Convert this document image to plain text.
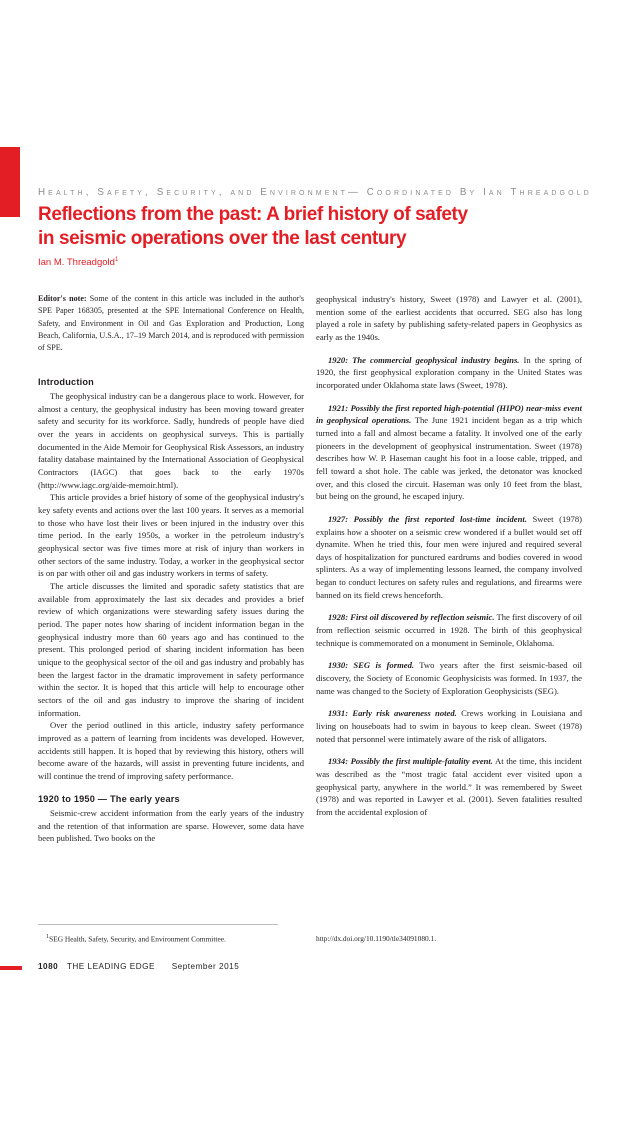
Health, Safety, Security, and Environment— Coordinated By Ian Threadgold
Reflections from the past: A brief history of safety
in seismic operations over the last century
Ian M. Threadgold$^1$

Editor's note: Some of the content in this article was included in the author's SPE Paper 168305, presented at the SPE International Conference on Health, Safety, and Environment in Oil and Gas Exploration and Production, Long Beach, California, U.S.A., 17–19 March 2014, and is reproduced with permission of SPE.

Introduction

The geophysical industry can be a dangerous place to work. However, for almost a century, the geophysical industry has been moving toward greater safety and security for its workforce. Sadly, hundreds of people have died over the years in accidents on geophysical surveys. This is partially documented in the Aide Memoir for Geophysical Risk Assessors, an industry fatality database maintained by the International Association of Geophysical Contractors (IAGC) that goes back to the early 1970s (http://www.iagc.org/aide-memoir.html).

This article provides a brief history of some of the geophysical industry's key safety events and actions over the last 100 years. It serves as a memorial to those who have lost their lives or been injured in the industry over this time period. In the early 1950s, a worker in the petroleum industry's geophysical sector was five times more at risk of injury than workers in other sectors of the same industry. Today, a worker in the geophysical sector is on par with other oil and gas industry workers in terms of safety.

The article discusses the limited and sporadic safety statistics that are available from approximately the last six decades and provides a brief review of which organizations were stewarding safety issues during the period. The paper notes how sharing of incident information began in the geophysical industry more than 60 years ago and has continued to the present. This prolonged period of sharing incident information has been unique to the geophysical sector of the oil and gas industry and probably has been the largest factor in the dramatic improvement in safety performance within the sector. It is hoped that this article will help to encourage other sectors of the oil and gas industry to improve the sharing of incident information.

Over the period outlined in this article, industry safety performance improved as a pattern of learning from incidents was developed. However, accidents still happen. It is hoped that by reviewing this history, others will become aware of the hazards, will assist in preventing future incidents, and will continue the trend of improving safety performance.

1920 to 1950 — The early years

Seismic-crew accident information from the early years of the industry and the retention of that information are sparse. However, some data have been published. Two books on the

geophysical industry's history, Sweet (1978) and Lawyer et al. (2001), mention some of the earliest accidents that occurred. SEG also has long played a role in safety by publishing safety-related papers in Geophysics as early as the 1940s.

1920: The commercial geophysical industry begins. In the spring of 1920, the first geophysical exploration company in the United States was incorporated under Oklahoma state laws (Sweet, 1978).

1921: Possibly the first reported high-potential (HIPO) near-miss event in geophysical operations. The June 1921 incident began as a trip which turned into a fall and almost became a fatality. It involved one of the early pioneers in the development of geophysical instrumentation. Sweet (1978) describes how W. P. Haseman caught his foot in a loose cable, tripped, and fell toward a shot hole. The cable was jerked, the detonator was knocked over, and this closed the circuit. Haseman was only 10 feet from the blast, but being on the ground, he escaped injury.

1927: Possibly the first reported lost-time incident. Sweet (1978) explains how a shooter on a seismic crew wondered if a bullet would set off dynamite. When he tried this, four men were injured and required several days of hospitalization for punctured eardrums and bodies covered in wood splinters. As a way of implementing lessons learned, the company involved began to conduct lectures on safety rules and regulations, and firearms were banned on its field crews henceforth.

1928: First oil discovered by reflection seismic. The first discovery of oil from reflection seismic occurred in 1928. The birth of this geophysical technique is commemorated on a monument in Seminole, Oklahoma.

1930: SEG is formed. Two years after the first seismic-based oil discovery, the Society of Economic Geophysicists was formed. In 1937, the name was changed to the Society of Exploration Geophysicists (SEG).

1931: Early risk awareness noted. Crews working in Louisiana and living on houseboats had to swim in bayous to keep clean. Sweet (1978) noted that personnel were intimately aware of the risk of alligators.

1934: Possibly the first multiple-fatality event. At the time, this incident was described as the “most tragic fatal accident ever visited upon a geophysical party, anywhere in the world.” It was remembered by Sweet (1978) and was reported in Lawyer et al. (2001). Seven fatalities resulted from the accidental explosion of

$^1$SEG Health, Safety, Security, and Environment Committee.	http://dx.doi.org/10.1190/tle34091080.1.
1080 THE LEADING EDGE September 2015
